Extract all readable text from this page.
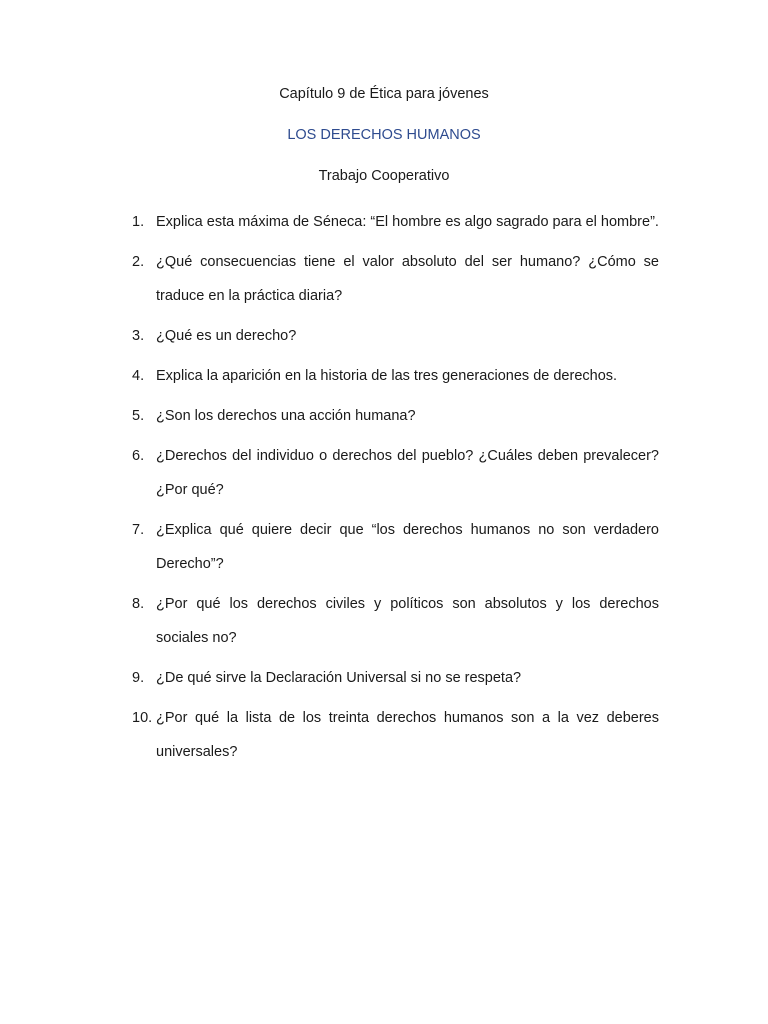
Capítulo 9 de Ética para jóvenes
LOS DERECHOS HUMANOS
Trabajo Cooperativo
1. Explica esta máxima de Séneca: “El hombre es algo sagrado para el hombre”.
2. ¿Qué consecuencias tiene el valor absoluto del ser humano? ¿Cómo se traduce en la práctica diaria?
3. ¿Qué es un derecho?
4. Explica la aparición en la historia de las tres generaciones de derechos.
5. ¿Son los derechos una acción humana?
6. ¿Derechos del individuo o derechos del pueblo? ¿Cuáles deben prevalecer? ¿Por qué?
7. ¿Explica qué quiere decir que “los derechos humanos no son verdadero Derecho”?
8. ¿Por qué los derechos civiles y políticos son absolutos y los derechos sociales no?
9. ¿De qué sirve la Declaración Universal si no se respeta?
10. ¿Por qué la lista de los treinta derechos humanos son a la vez deberes universales?
